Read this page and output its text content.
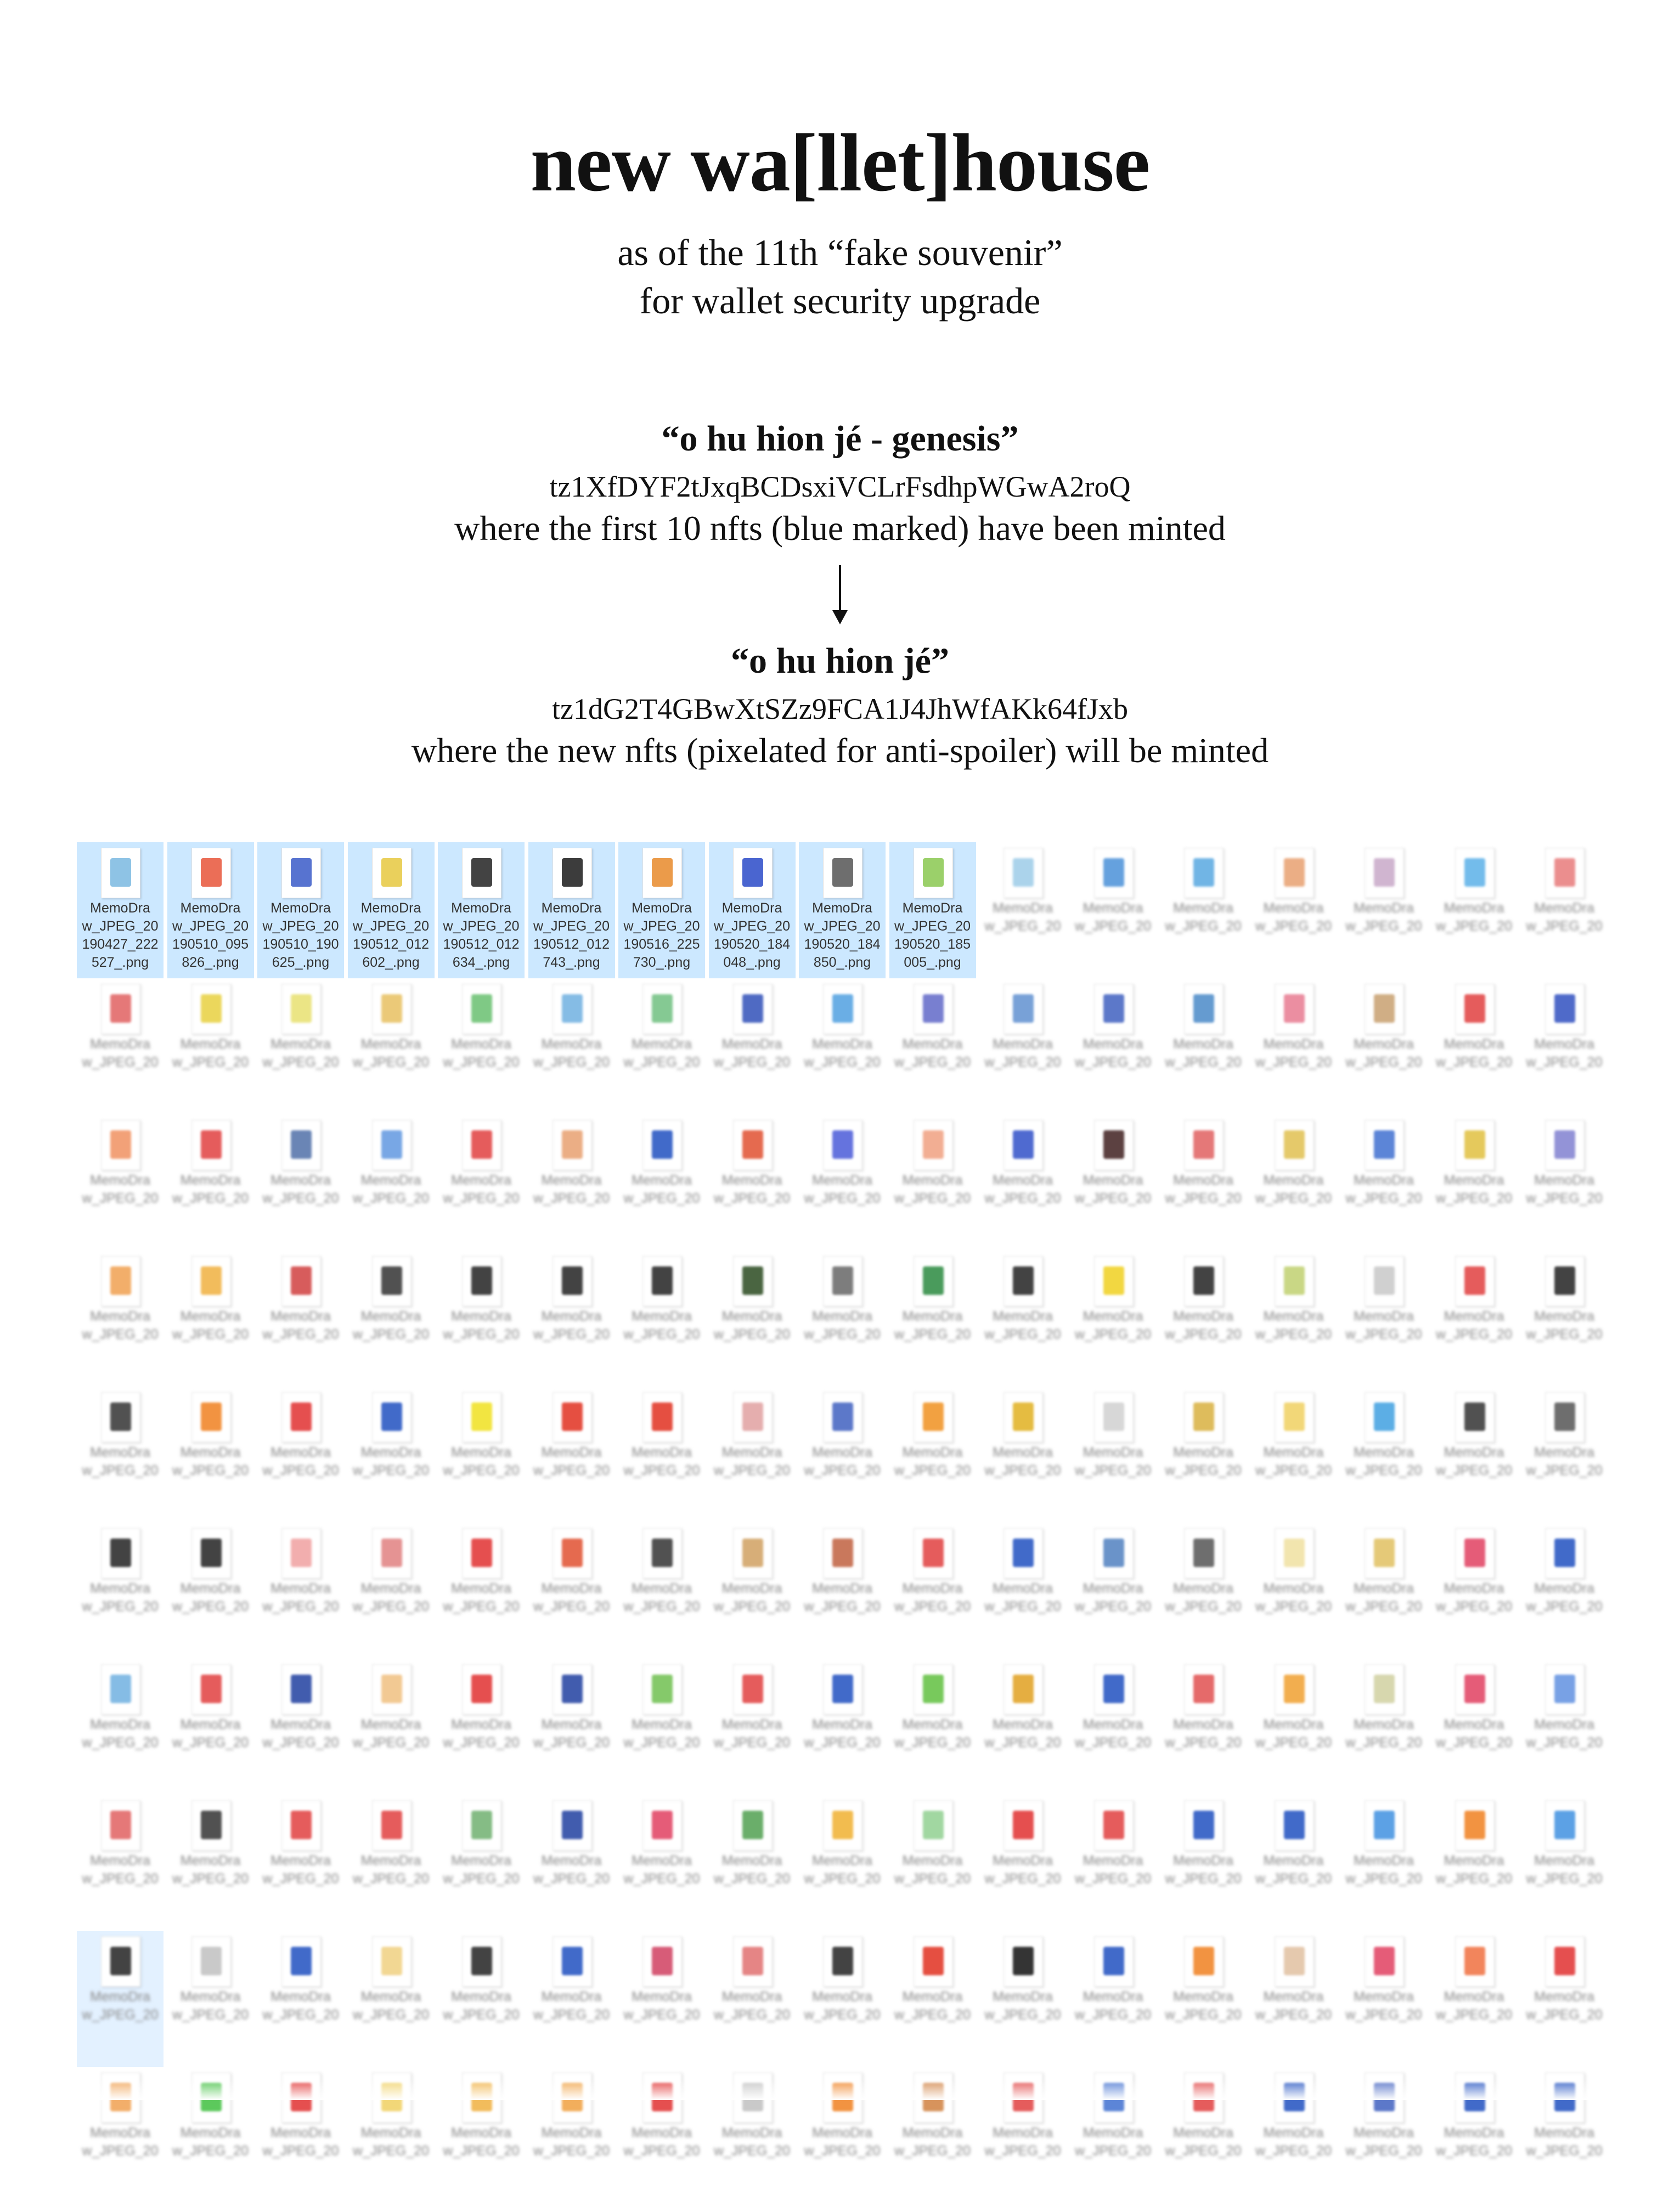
new wa[llet]house
as of the 11th “fake souvenir”
for wallet security upgrade
“o hu hion jé - genesis”
tz1XfDYF2tJxqBCDsxiVCLrFsdhpWGwA2roQ
where the first 10 nfts (blue marked) have been minted
“o hu hion jé”
tz1dG2T4GBwXtSZz9FCA1J4JhWfAKk64fJxb
where the new nfts (pixelated for anti-spoiler) will be minted
MemoDra
w_JPEG_20
190427_222
527_.png
MemoDra
w_JPEG_20
190510_095
826_.png
MemoDra
w_JPEG_20
190510_190
625_.png
MemoDra
w_JPEG_20
190512_012
602_.png
MemoDra
w_JPEG_20
190512_012
634_.png
MemoDra
w_JPEG_20
190512_012
743_.png
MemoDra
w_JPEG_20
190516_225
730_.png
MemoDra
w_JPEG_20
190520_184
048_.png
MemoDra
w_JPEG_20
190520_184
850_.png
MemoDra
w_JPEG_20
190520_185
005_.png
MemoDra
w_JPEG_20
MemoDra
w_JPEG_20
MemoDra
w_JPEG_20
MemoDra
w_JPEG_20
MemoDra
w_JPEG_20
MemoDra
w_JPEG_20
MemoDra
w_JPEG_20
MemoDra
w_JPEG_20
MemoDra
w_JPEG_20
MemoDra
w_JPEG_20
MemoDra
w_JPEG_20
MemoDra
w_JPEG_20
MemoDra
w_JPEG_20
MemoDra
w_JPEG_20
MemoDra
w_JPEG_20
MemoDra
w_JPEG_20
MemoDra
w_JPEG_20
MemoDra
w_JPEG_20
MemoDra
w_JPEG_20
MemoDra
w_JPEG_20
MemoDra
w_JPEG_20
MemoDra
w_JPEG_20
MemoDra
w_JPEG_20
MemoDra
w_JPEG_20
MemoDra
w_JPEG_20
MemoDra
w_JPEG_20
MemoDra
w_JPEG_20
MemoDra
w_JPEG_20
MemoDra
w_JPEG_20
MemoDra
w_JPEG_20
MemoDra
w_JPEG_20
MemoDra
w_JPEG_20
MemoDra
w_JPEG_20
MemoDra
w_JPEG_20
MemoDra
w_JPEG_20
MemoDra
w_JPEG_20
MemoDra
w_JPEG_20
MemoDra
w_JPEG_20
MemoDra
w_JPEG_20
MemoDra
w_JPEG_20
MemoDra
w_JPEG_20
MemoDra
w_JPEG_20
MemoDra
w_JPEG_20
MemoDra
w_JPEG_20
MemoDra
w_JPEG_20
MemoDra
w_JPEG_20
MemoDra
w_JPEG_20
MemoDra
w_JPEG_20
MemoDra
w_JPEG_20
MemoDra
w_JPEG_20
MemoDra
w_JPEG_20
MemoDra
w_JPEG_20
MemoDra
w_JPEG_20
MemoDra
w_JPEG_20
MemoDra
w_JPEG_20
MemoDra
w_JPEG_20
MemoDra
w_JPEG_20
MemoDra
w_JPEG_20
MemoDra
w_JPEG_20
MemoDra
w_JPEG_20
MemoDra
w_JPEG_20
MemoDra
w_JPEG_20
MemoDra
w_JPEG_20
MemoDra
w_JPEG_20
MemoDra
w_JPEG_20
MemoDra
w_JPEG_20
MemoDra
w_JPEG_20
MemoDra
w_JPEG_20
MemoDra
w_JPEG_20
MemoDra
w_JPEG_20
MemoDra
w_JPEG_20
MemoDra
w_JPEG_20
MemoDra
w_JPEG_20
MemoDra
w_JPEG_20
MemoDra
w_JPEG_20
MemoDra
w_JPEG_20
MemoDra
w_JPEG_20
MemoDra
w_JPEG_20
MemoDra
w_JPEG_20
MemoDra
w_JPEG_20
MemoDra
w_JPEG_20
MemoDra
w_JPEG_20
MemoDra
w_JPEG_20
MemoDra
w_JPEG_20
MemoDra
w_JPEG_20
MemoDra
w_JPEG_20
MemoDra
w_JPEG_20
MemoDra
w_JPEG_20
MemoDra
w_JPEG_20
MemoDra
w_JPEG_20
MemoDra
w_JPEG_20
MemoDra
w_JPEG_20
MemoDra
w_JPEG_20
MemoDra
w_JPEG_20
MemoDra
w_JPEG_20
MemoDra
w_JPEG_20
MemoDra
w_JPEG_20
MemoDra
w_JPEG_20
MemoDra
w_JPEG_20
MemoDra
w_JPEG_20
MemoDra
w_JPEG_20
MemoDra
w_JPEG_20
MemoDra
w_JPEG_20
MemoDra
w_JPEG_20
MemoDra
w_JPEG_20
MemoDra
w_JPEG_20
MemoDra
w_JPEG_20
MemoDra
w_JPEG_20
MemoDra
w_JPEG_20
MemoDra
w_JPEG_20
MemoDra
w_JPEG_20
MemoDra
w_JPEG_20
MemoDra
w_JPEG_20
MemoDra
w_JPEG_20
MemoDra
w_JPEG_20
MemoDra
w_JPEG_20
MemoDra
w_JPEG_20
MemoDra
w_JPEG_20
MemoDra
w_JPEG_20
MemoDra
w_JPEG_20
MemoDra
w_JPEG_20
MemoDra
w_JPEG_20
MemoDra
w_JPEG_20
MemoDra
w_JPEG_20
MemoDra
w_JPEG_20
MemoDra
w_JPEG_20
MemoDra
w_JPEG_20
MemoDra
w_JPEG_20
MemoDra
w_JPEG_20
MemoDra
w_JPEG_20
MemoDra
w_JPEG_20
MemoDra
w_JPEG_20
MemoDra
w_JPEG_20
MemoDra
w_JPEG_20
MemoDra
w_JPEG_20
MemoDra
w_JPEG_20
MemoDra
w_JPEG_20
MemoDra
w_JPEG_20
MemoDra
w_JPEG_20
MemoDra
w_JPEG_20
MemoDra
w_JPEG_20
MemoDra
w_JPEG_20
MemoDra
w_JPEG_20
MemoDra
w_JPEG_20
MemoDra
w_JPEG_20
MemoDra
w_JPEG_20
MemoDra
w_JPEG_20
MemoDra
w_JPEG_20
MemoDra
w_JPEG_20
MemoDra
w_JPEG_20
MemoDra
w_JPEG_20
MemoDra
w_JPEG_20
MemoDra
w_JPEG_20
MemoDra
w_JPEG_20
MemoDra
w_JPEG_20
MemoDra
w_JPEG_20
MemoDra
w_JPEG_20
MemoDra
w_JPEG_20
MemoDra
w_JPEG_20
MemoDra
w_JPEG_20
